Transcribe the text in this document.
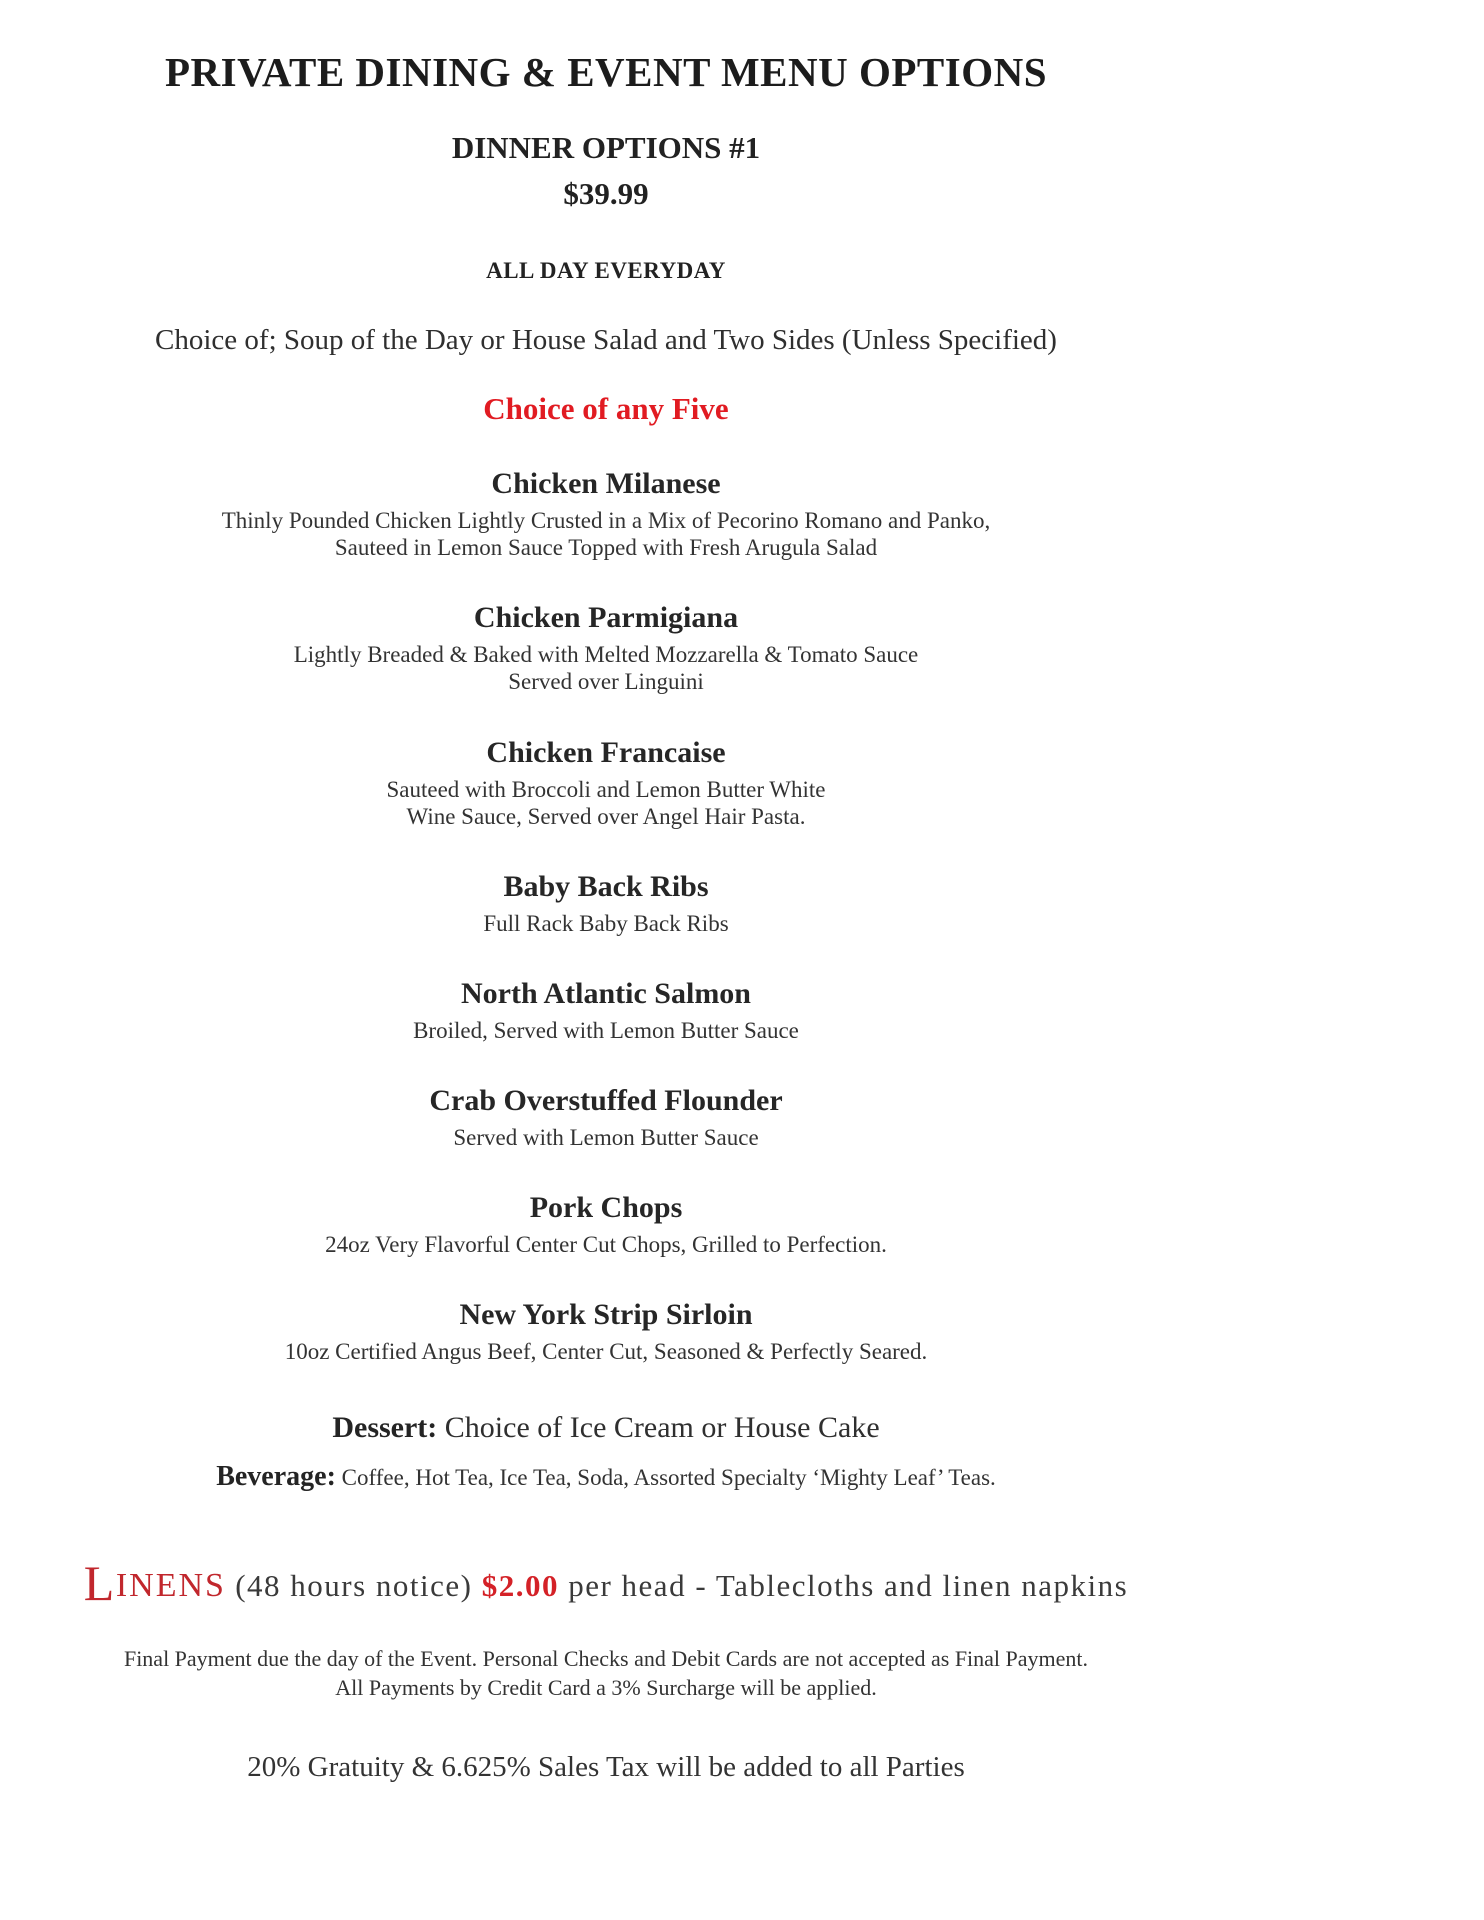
PRIVATE DINING & EVENT MENU OPTIONS
DINNER OPTIONS #1
$39.99
ALL DAY EVERYDAY
Choice of; Soup of the Day or House Salad and Two Sides (Unless Specified)
Choice of any Five
Chicken Milanese
Thinly Pounded Chicken Lightly Crusted in a Mix of Pecorino Romano and Panko,
Sauteed in Lemon Sauce Topped with Fresh Arugula Salad
Chicken Parmigiana
Lightly Breaded & Baked with Melted Mozzarella & Tomato Sauce
Served over Linguini
Chicken Francaise
Sauteed with Broccoli and Lemon Butter White
Wine Sauce, Served over Angel Hair Pasta.
Baby Back Ribs
Full Rack Baby Back Ribs
North Atlantic Salmon
Broiled, Served with Lemon Butter Sauce
Crab Overstuffed Flounder
Served with Lemon Butter Sauce
Pork Chops
24oz Very Flavorful Center Cut Chops, Grilled to Perfection.
New York Strip Sirloin
10oz Certified Angus Beef, Center Cut, Seasoned & Perfectly Seared.
Dessert: Choice of Ice Cream or House Cake
Beverage: Coffee, Hot Tea, Ice Tea, Soda, Assorted Specialty ‘Mighty Leaf’ Teas.
LINENS (48 hours notice) $2.00 per head - Tablecloths and linen napkins
Final Payment due the day of the Event. Personal Checks and Debit Cards are not accepted as Final Payment.
All Payments by Credit Card a 3% Surcharge will be applied.
20% Gratuity & 6.625% Sales Tax will be added to all Parties
